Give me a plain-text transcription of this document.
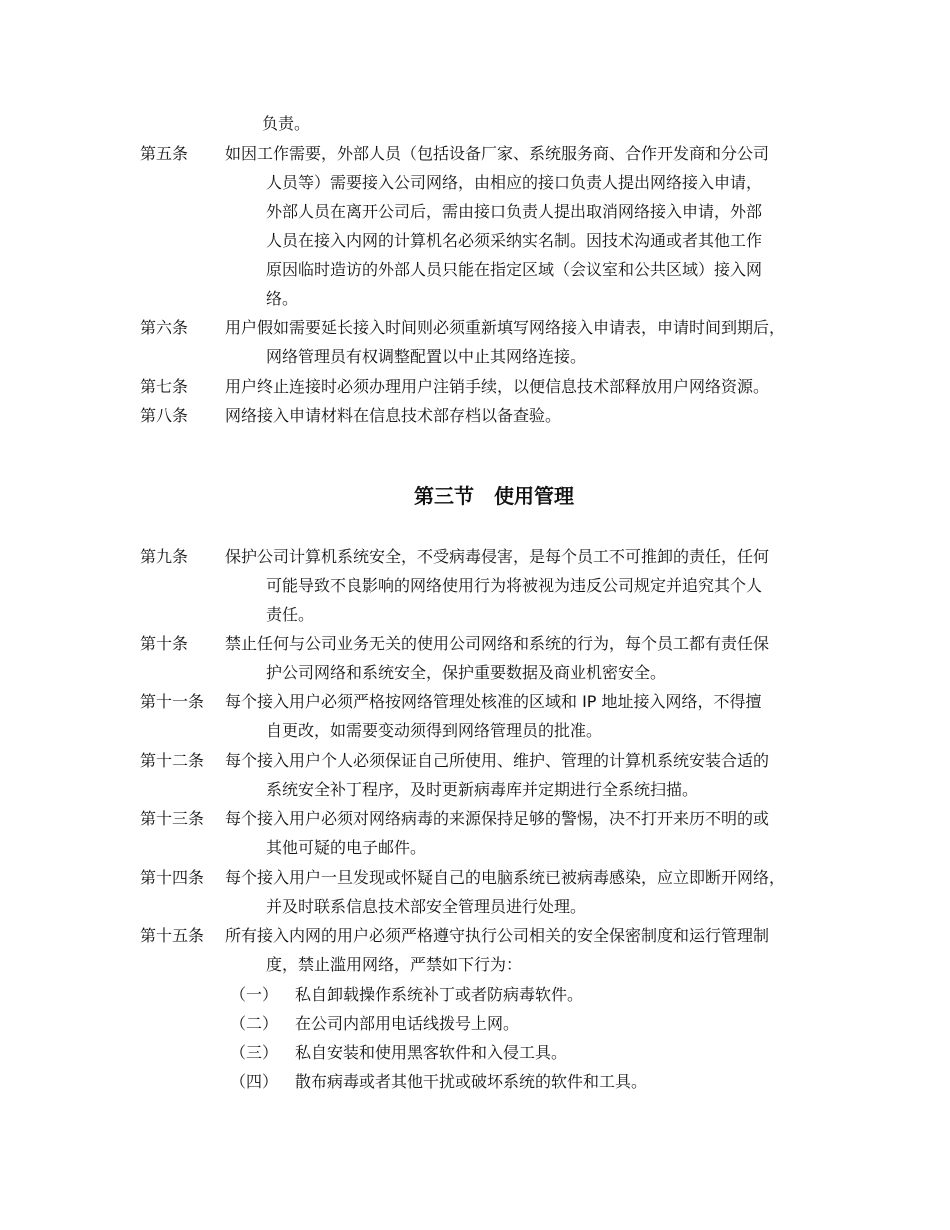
负责。
第五条 如因工作需要，外部人员（包括设备厂家、系统服务商、合作开发商和分公司
人员等）需要接入公司网络，由相应的接口负责人提出网络接入申请，
外部人员在离开公司后，需由接口负责人提出取消网络接入申请，外部
人员在接入内网的计算机名必须采纳实名制。因技术沟通或者其他工作
原因临时造访的外部人员只能在指定区域（会议室和公共区域）接入网
络。
第六条 用户假如需要延长接入时间则必须重新填写网络接入申请表，申请时间到期后，
网络管理员有权调整配置以中止其网络连接。
第七条 用户终止连接时必须办理用户注销手续，以便信息技术部释放用户网络资源。
第八条 网络接入申请材料在信息技术部存档以备查验。
第三节　使用管理
第九条 保护公司计算机系统安全，不受病毒侵害，是每个员工不可推卸的责任，任何
可能导致不良影响的网络使用行为将被视为违反公司规定并追究其个人
责任。
第十条 禁止任何与公司业务无关的使用公司网络和系统的行为，每个员工都有责任保
护公司网络和系统安全，保护重要数据及商业机密安全。
第十一条 每个接入用户必须严格按网络管理处核准的区域和 IP 地址接入网络，不得擅
自更改，如需要变动须得到网络管理员的批准。
第十二条 每个接入用户个人必须保证自己所使用、维护、管理的计算机系统安装合适的
系统安全补丁程序，及时更新病毒库并定期进行全系统扫描。
第十三条 每个接入用户必须对网络病毒的来源保持足够的警惕，决不打开来历不明的或
其他可疑的电子邮件。
第十四条 每个接入用户一旦发现或怀疑自己的电脑系统已被病毒感染，应立即断开网络，
并及时联系信息技术部安全管理员进行处理。
第十五条 所有接入内网的用户必须严格遵守执行公司相关的安全保密制度和运行管理制
度，禁止滥用网络，严禁如下行为：
（一） 私自卸载操作系统补丁或者防病毒软件。
（二） 在公司内部用电话线拨号上网。
（三） 私自安装和使用黑客软件和入侵工具。
（四） 散布病毒或者其他干扰或破坏系统的软件和工具。
